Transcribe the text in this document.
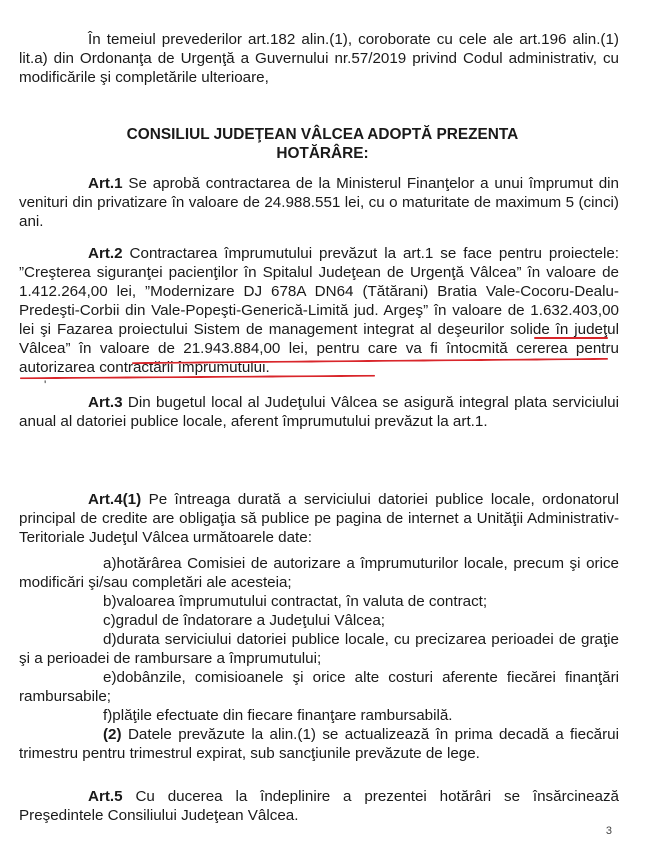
În temeiul prevederilor art.182 alin.(1), coroborate cu cele ale art.196 alin.(1) lit.a) din Ordonanţa de Urgenţă a Guvernului nr.57/2019 privind Codul administrativ, cu modificările şi completările ulterioare,

CONSILIUL JUDEŢEAN VÂLCEA ADOPTĂ PREZENTA
HOTĂRÂRE:

Art.1 Se aprobă contractarea de la Ministerul Finanţelor a unui împrumut din venituri din privatizare în valoare de 24.988.551 lei, cu o maturitate de maximum 5 (cinci) ani.

Art.2 Contractarea împrumutului prevăzut la art.1 se face pentru proiectele: ”Creşterea siguranţei pacienţilor în Spitalul Judeţean de Urgenţă Vâlcea” în valoare de 1.412.264,00 lei, ”Modernizare DJ 678A DN64 (Tătărani) Bratia Vale-Cocoru-Dealu-Predeşti-Corbii din Vale-Popeşti-Generică-Limită jud. Argeş” în valoare de 1.632.403,00 lei şi Fazarea proiectului Sistem de management integrat al deşeurilor solide în judeţul Vâlcea” în valoare de 21.943.884,00 lei, pentru care va fi întocmită cererea pentru autorizarea contractării împrumutului.

'

Art.3 Din bugetul local al Judeţului Vâlcea se asigură integral plata serviciului anual al datoriei publice locale, aferent împrumutului prevăzut la art.1.

Art.4(1) Pe întreaga durată a serviciului datoriei publice locale, ordonatorul principal de credite are obligaţia să publice pe pagina de internet a Unităţii Administrativ-Teritoriale Judeţul Vâlcea următoarele date:

a)hotărârea Comisiei de autorizare a împrumuturilor locale, precum şi orice modificări şi/sau completări ale acesteia;
b)valoarea împrumutului contractat, în valuta de contract;
c)gradul de îndatorare a Judeţului Vâlcea;
d)durata serviciului datoriei publice locale, cu precizarea perioadei de graţie şi a perioadei de rambursare a împrumutului;
e)dobânzile, comisioanele şi orice alte costuri aferente fiecărei finanţări rambursabile;
f)plăţile efectuate din fiecare finanţare rambursabilă.
(2) Datele prevăzute la alin.(1) se actualizează în prima decadă a fiecărui trimestru pentru trimestrul expirat, sub sancţiunile prevăzute de lege.

Art.5 Cu ducerea la îndeplinire a prezentei hotărâri se însărcinează Preşedintele Consiliului Judeţean Vâlcea.

3
